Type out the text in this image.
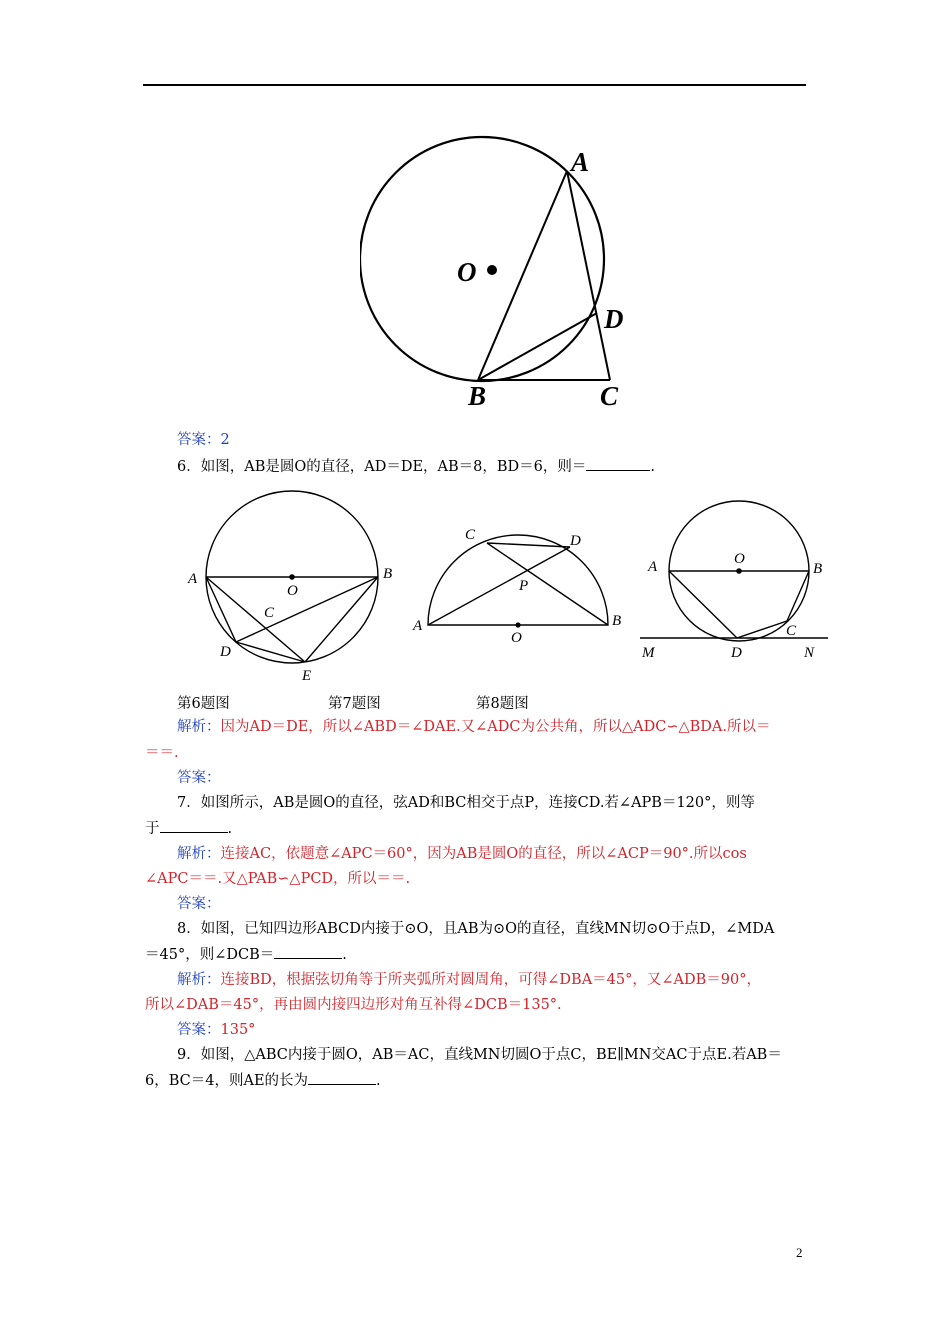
A
B	C
D
O
答案：2
6．如图，AB是圆O的直径，AD＝DE，AB＝8，BD＝6，则＝	.
A	B
C
D
E
O
C	D
P
A	B
O
A	B
C
D
O
M	N
第6题图	第7题图	第8题图
解析：因为AD＝DE，所以∠ABD＝∠DAE.又∠ADC为公共角，所以△ADC∽△BDA.所以＝
＝＝.
答案：
7．如图所示，AB是圆O的直径，弦AD和BC相交于点P，连接CD.若∠APB＝120°，则等
于	.
解析：连接AC，依题意∠APC＝60°，因为AB是圆O的直径，所以∠ACP＝90°.所以cos
∠APC＝＝.又△PAB∽△PCD，所以＝＝.
答案：
8．如图，已知四边形ABCD内接于⊙O，且AB为⊙O的直径，直线MN切⊙O于点D，∠MDA
＝45°，则∠DCB＝	.
解析：连接BD，根据弦切角等于所夹弧所对圆周角，可得∠DBA＝45°，又∠ADB＝90°，
所以∠DAB＝45°，再由圆内接四边形对角互补得∠DCB＝135°.
答案：135°
9．如图，△ABC内接于圆O，AB＝AC，直线MN切圆O于点C，BE∥MN交AC于点E.若AB＝
6，BC＝4，则AE的长为	.
2
